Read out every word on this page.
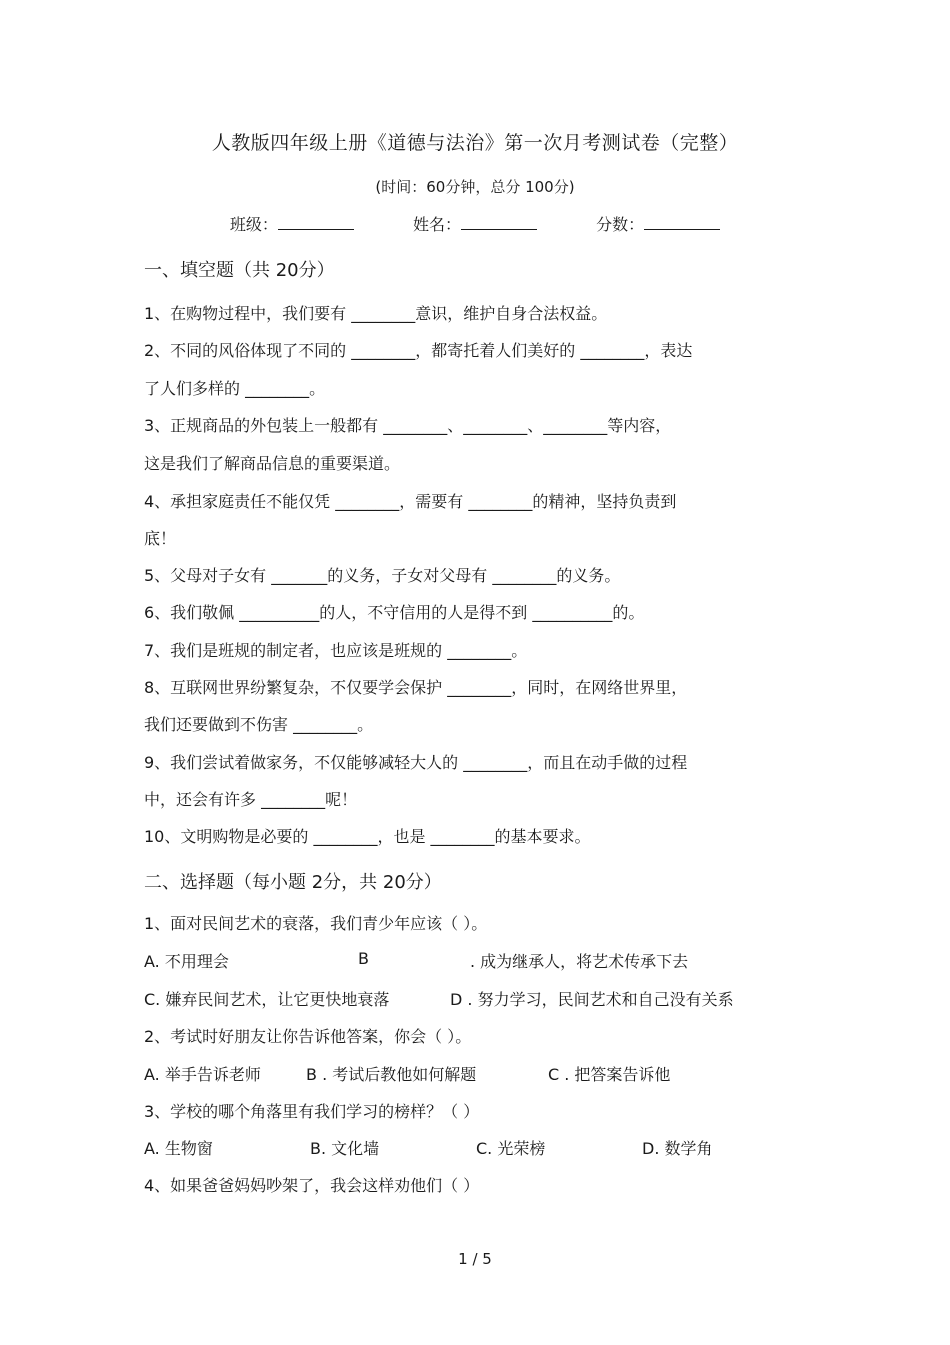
人教版四年级上册《道德与法治》第一次月考测试卷（完整）
(时间：60分钟，总分 100分)
班级：	姓名：	分数：
一、填空题（共 20分）
1、在购物过程中，我们要有 ________意识，维护自身合法权益。
2、不同的风俗体现了不同的 ________，都寄托着人们美好的 ________，表达
了人们多样的 ________。
3、正规商品的外包装上一般都有 ________、________、________等内容，
这是我们了解商品信息的重要渠道。
4、承担家庭责任不能仅凭 ________，需要有 ________的精神，坚持负责到
底！
5、父母对子女有 _______的义务，子女对父母有 ________的义务。
6、我们敬佩 __________的人，不守信用的人是得不到 __________的。
7、我们是班规的制定者，也应该是班规的 ________。
8、互联网世界纷繁复杂，不仅要学会保护 ________，同时，在网络世界里，
我们还要做到不伤害 ________。
9、我们尝试着做家务，不仅能够减轻大人的 ________，而且在动手做的过程
中，还会有许多 ________呢！
10、文明购物是必要的 ________，也是 ________的基本要求。
二、选择题（每小题 2分，共 20分）
1、面对民间艺术的衰落，我们青少年应该（ ）。
A. 不用理会	B	. 成为继承人，将艺术传承下去
C. 嫌弃民间艺术，让它更快地衰落	D . 努力学习，民间艺术和自己没有关系
2、考试时好朋友让你告诉他答案，你会（ ）。
A. 举手告诉老师	B . 考试后教他如何解题	C . 把答案告诉他
3、学校的哪个角落里有我们学习的榜样？（ ）
A. 生物窗	B. 文化墙	C. 光荣榜	D. 数学角
4、如果爸爸妈妈吵架了，我会这样劝他们（ ）
1 / 5
